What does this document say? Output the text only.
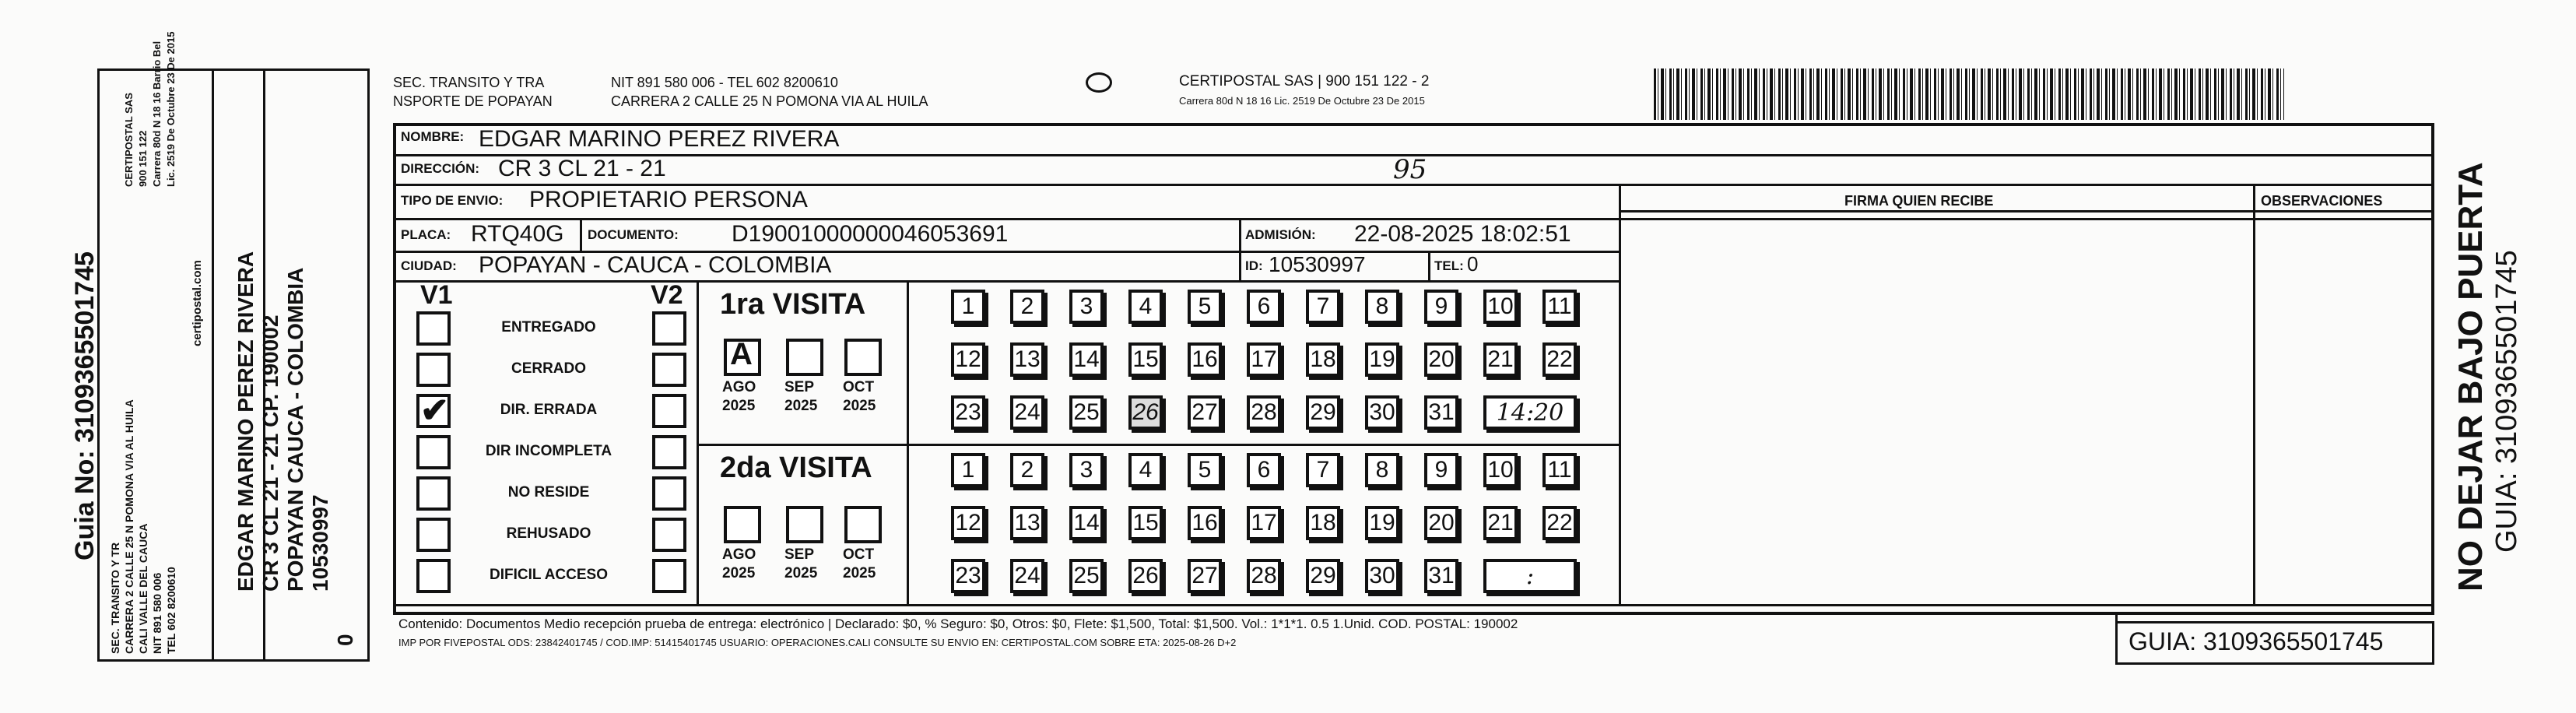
Guia No: 3109365501745	certipostal.com EDGAR MARINO PEREZ RIVERA CR 3 CL 21 - 21 CP. 190002 POPAYAN CAUCA - COLOMBIA 10530997
0
SEC. TRANSITO Y TRA
NSPORTE DE POPAYAN
NIT 891 580 006 - TEL 602 8200610
CARRERA 2 CALLE 25 N POMONA VIA AL HUILA
CERTIPOSTAL SAS | 900 151 122 - 2
Carrera 80d N 18 16 Lic. 2519 De Octubre 23 De 2015
NOMBRE: EDGAR MARINO PEREZ RIVERA
DIRECCIÓN: CR 3 CL 21 - 21	95
TIPO DE ENVIO: PROPIETARIO PERSONA	FIRMA QUIEN RECIBE	OBSERVACIONES
PLACA: RTQ40G DOCUMENTO: D19001000000046053691	ADMISIÓN: 22-08-2025 18:02:51
CIUDAD: POPAYAN - CAUCA - COLOMBIA	ID: 10530997	TEL: 0
V1	V2 1ra VISITA
2da VISITA
Contenido: Documentos Medio recepción prueba de entrega: electrónico | Declarado: $0, % Seguro: $0, Otros: $0, Flete: $1,500, Total: $1,500. Vol.: 1*1*1. 0.5 1.Unid. COD. POSTAL: 190002
IMP POR FIVEPOSTAL ODS: 23842401745 / COD.IMP: 51415401745 USUARIO: OPERACIONES.CALI CONSULTE SU ENVIO EN: CERTIPOSTAL.COM SOBRE ETA: 2025-08-26 D+2	GUIA: 3109365501745
NO DEJAR BAJO PUERTA GUIA: 3109365501745
SEC. TRANSITO Y TR CARRERA 2 CALLE 25 N POMONA VIA AL HUILA CALI VALLE DEL CAUCA NIT 891 580 006 TEL 602 8200610
CERTIPOSTAL SAS 900 151 122 Carrera 80d N 18 16 Barrio Bel Lic. 2519 De Octubre 23 De 2015
ENTREGADO
CERRADO
DIR. ERRADA
✔
DIR INCOMPLETA
NO RESIDE
REHUSADO
DIFICIL ACCESO
A
AGO
2025
SEP
2025
OCT
2025
AGO
2025
SEP
2025
OCT
2025
1	2	3	4	5	6	7	8	9	10 11
12 13 14 15 16 17 18 19 20 21 22
23 24 25 26 27 28 29 30 31	14:20
1	2	3	4	5	6	7	8	9	10 11
12 13 14 15 16 17 18 19 20 21 22
23 24 25 26 27 28 29 30 31	:
